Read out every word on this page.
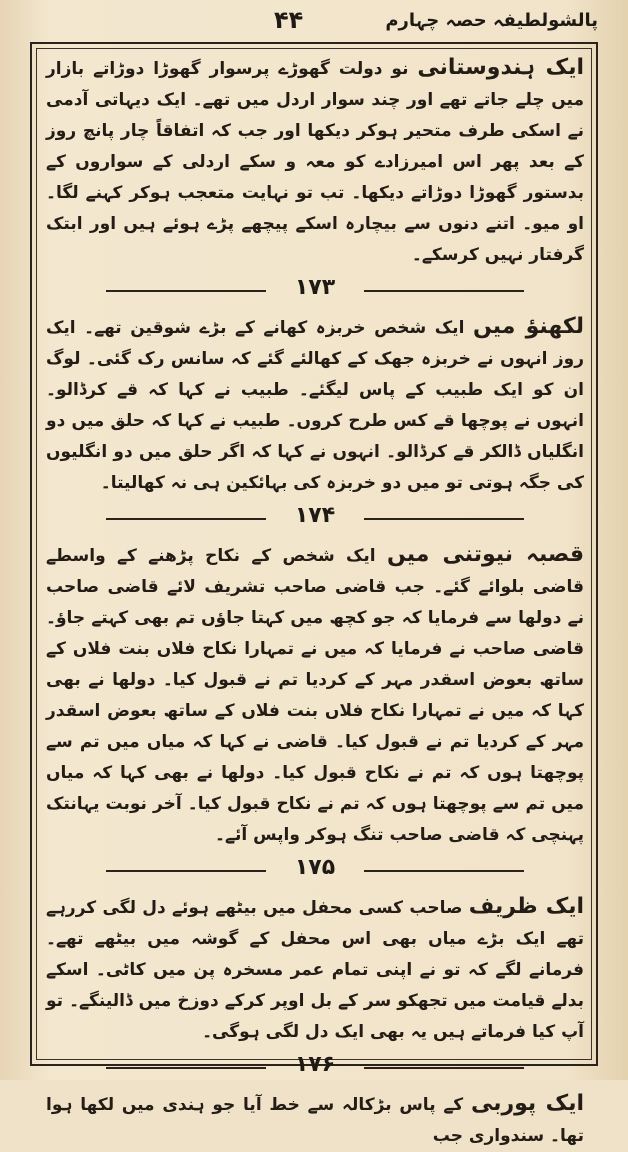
پالشولطیفہ حصہ چہارم
۴۴

ایک ہندوستانی نو دولت گھوڑے پرسوار گھوڑا دوڑاتے بازار میں چلے جاتے تھے اور چند سوار اردل میں تھے۔ ایک دیہاتی آدمی نے اسکی طرف متحیر ہوکر دیکھا اور جب کہ اتفاقاً چار پانچ روز کے بعد پھر اس امیرزادے کو معہ و سکے اردلی کے سواروں کے بدستور گھوڑا دوڑاتے دیکھا۔ تب تو نہایت متعجب ہوکر کہنے لگا۔ او میو۔ اتنے دنوں سے بیچارہ اسکے پیچھے پڑے ہوئے ہیں اور ابتک گرفتار نہیں کرسکے۔

۱۷۳

لکھنؤ میں ایک شخص خربزہ کھانے کے بڑے شوقین تھے۔ ایک روز انہوں نے خربزہ جھک کے کھالئے گئے کہ سانس رک گئی۔ لوگ ان کو ایک طبیب کے پاس لیگئے۔ طبیب نے کہا کہ قے کرڈالو۔ انہوں نے پوچھا قے کس طرح کروں۔ طبیب نے کہا کہ حلق میں دو انگلیاں ڈالکر قے کرڈالو۔ انہوں نے کہا کہ اگر حلق میں دو انگلیوں کی جگہ ہوتی تو میں دو خربزہ کی بہائکین ہی نہ کھالیتا۔

۱۷۴

قصبہ نیوتنی میں ایک شخص کے نکاح پڑھنے کے واسطے قاضی بلوائے گئے۔ جب قاضی صاحب تشریف لائے قاضی صاحب نے دولھا سے فرمایا کہ جو کچھ میں کہتا جاؤں تم بھی کہتے جاؤ۔ قاضی صاحب نے فرمایا کہ میں نے تمہارا نکاح فلاں بنت فلاں کے ساتھ بعوض اسقدر مہر کے کردیا تم نے قبول کیا۔ دولھا نے بھی کہا کہ میں نے تمہارا نکاح فلاں بنت فلاں کے ساتھ بعوض اسقدر مہر کے کردیا تم نے قبول کیا۔ قاضی نے کہا کہ میاں میں تم سے پوچھتا ہوں کہ تم نے نکاح قبول کیا۔ دولھا نے بھی کہا کہ میاں میں تم سے پوچھتا ہوں کہ تم نے نکاح قبول کیا۔ آخر نوبت یہانتک پہنچی کہ قاضی صاحب تنگ ہوکر واپس آئے۔

۱۷۵

ایک ظریف صاحب کسی محفل میں بیٹھے ہوئے دل لگی کررہے تھے ایک بڑے میاں بھی اس محفل کے گوشہ میں بیٹھے تھے۔ فرمانے لگے کہ تو نے اپنی تمام عمر مسخرہ پن میں کاٹی۔ اسکے بدلے قیامت میں تجھکو سر کے بل اوپر کرکے دوزخ میں ڈالینگے۔ تو آپ کیا فرماتے ہیں یہ بھی ایک دل لگی ہوگی۔

۱۷۶

ایک پوربی کے پاس بڑکالہ سے خط آیا جو ہندی میں لکھا ہوا تھا۔ سندواری جب
